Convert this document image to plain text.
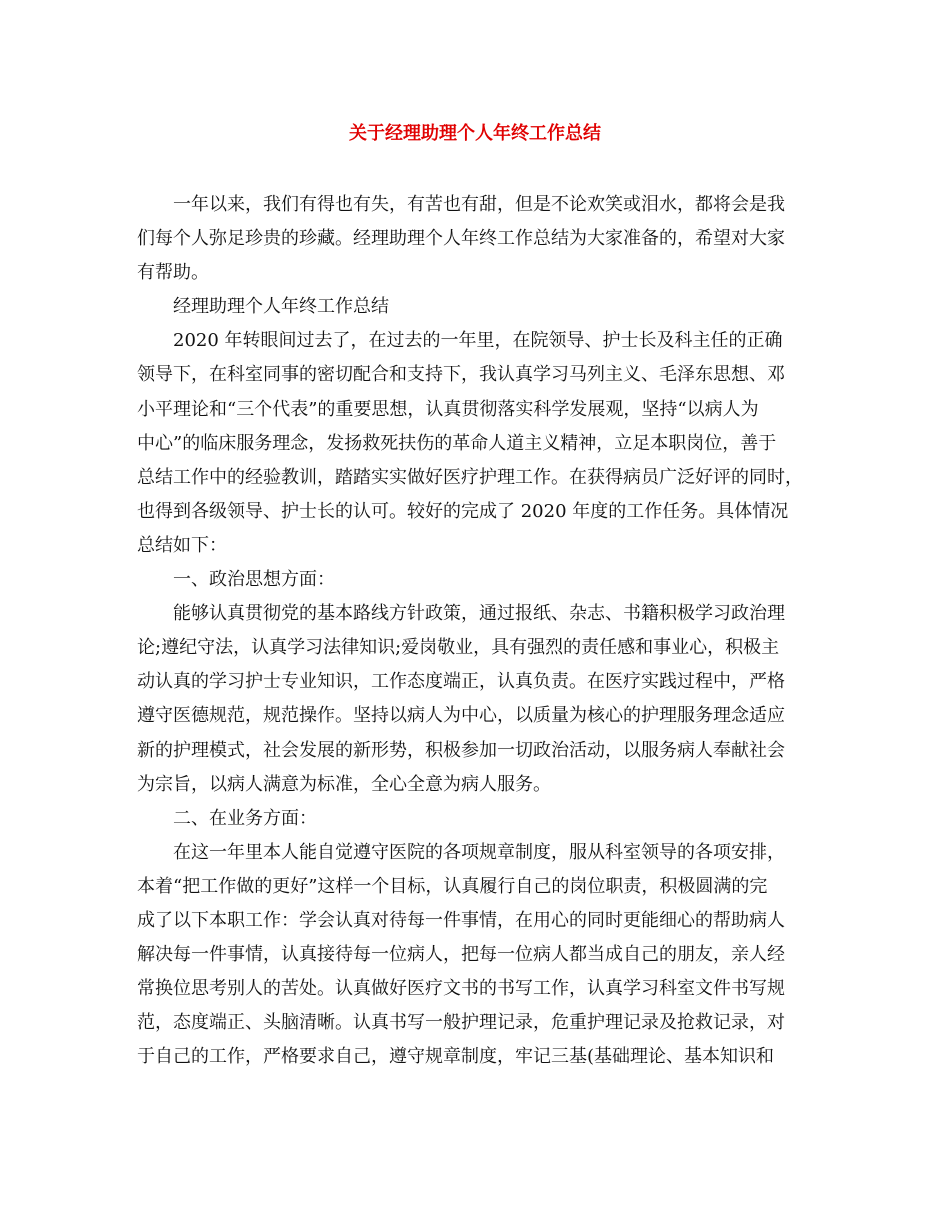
关于经理助理个人年终工作总结
一年以来，我们有得也有失，有苦也有甜，但是不论欢笑或泪水，都将会是我
们每个人弥足珍贵的珍藏。经理助理个人年终工作总结为大家准备的，希望对大家
有帮助。
经理助理个人年终工作总结
2020 年转眼间过去了，在过去的一年里，在院领导、护士长及科主任的正确
领导下，在科室同事的密切配合和支持下，我认真学习马列主义、毛泽东思想、邓
小平理论和“三个代表”的重要思想，认真贯彻落实科学发展观，坚持“以病人为
中心”的临床服务理念，发扬救死扶伤的革命人道主义精神，立足本职岗位，善于
总结工作中的经验教训，踏踏实实做好医疗护理工作。在获得病员广泛好评的同时，
也得到各级领导、护士长的认可。较好的完成了 2020 年度的工作任务。具体情况
总结如下：
一、政治思想方面：
能够认真贯彻党的基本路线方针政策，通过报纸、杂志、书籍积极学习政治理
论;遵纪守法，认真学习法律知识;爱岗敬业，具有强烈的责任感和事业心，积极主
动认真的学习护士专业知识，工作态度端正，认真负责。在医疗实践过程中，严格
遵守医德规范，规范操作。坚持以病人为中心，以质量为核心的护理服务理念适应
新的护理模式，社会发展的新形势，积极参加一切政治活动，以服务病人奉献社会
为宗旨，以病人满意为标准，全心全意为病人服务。
二、在业务方面：
在这一年里本人能自觉遵守医院的各项规章制度，服从科室领导的各项安排，
本着“把工作做的更好”这样一个目标，认真履行自己的岗位职责，积极圆满的完
成了以下本职工作：学会认真对待每一件事情，在用心的同时更能细心的帮助病人
解决每一件事情，认真接待每一位病人，把每一位病人都当成自己的朋友，亲人经
常换位思考别人的苦处。认真做好医疗文书的书写工作，认真学习科室文件书写规
范，态度端正、头脑清晰。认真书写一般护理记录，危重护理记录及抢救记录，对
于自己的工作，严格要求自己，遵守规章制度，牢记三基(基础理论、基本知识和
